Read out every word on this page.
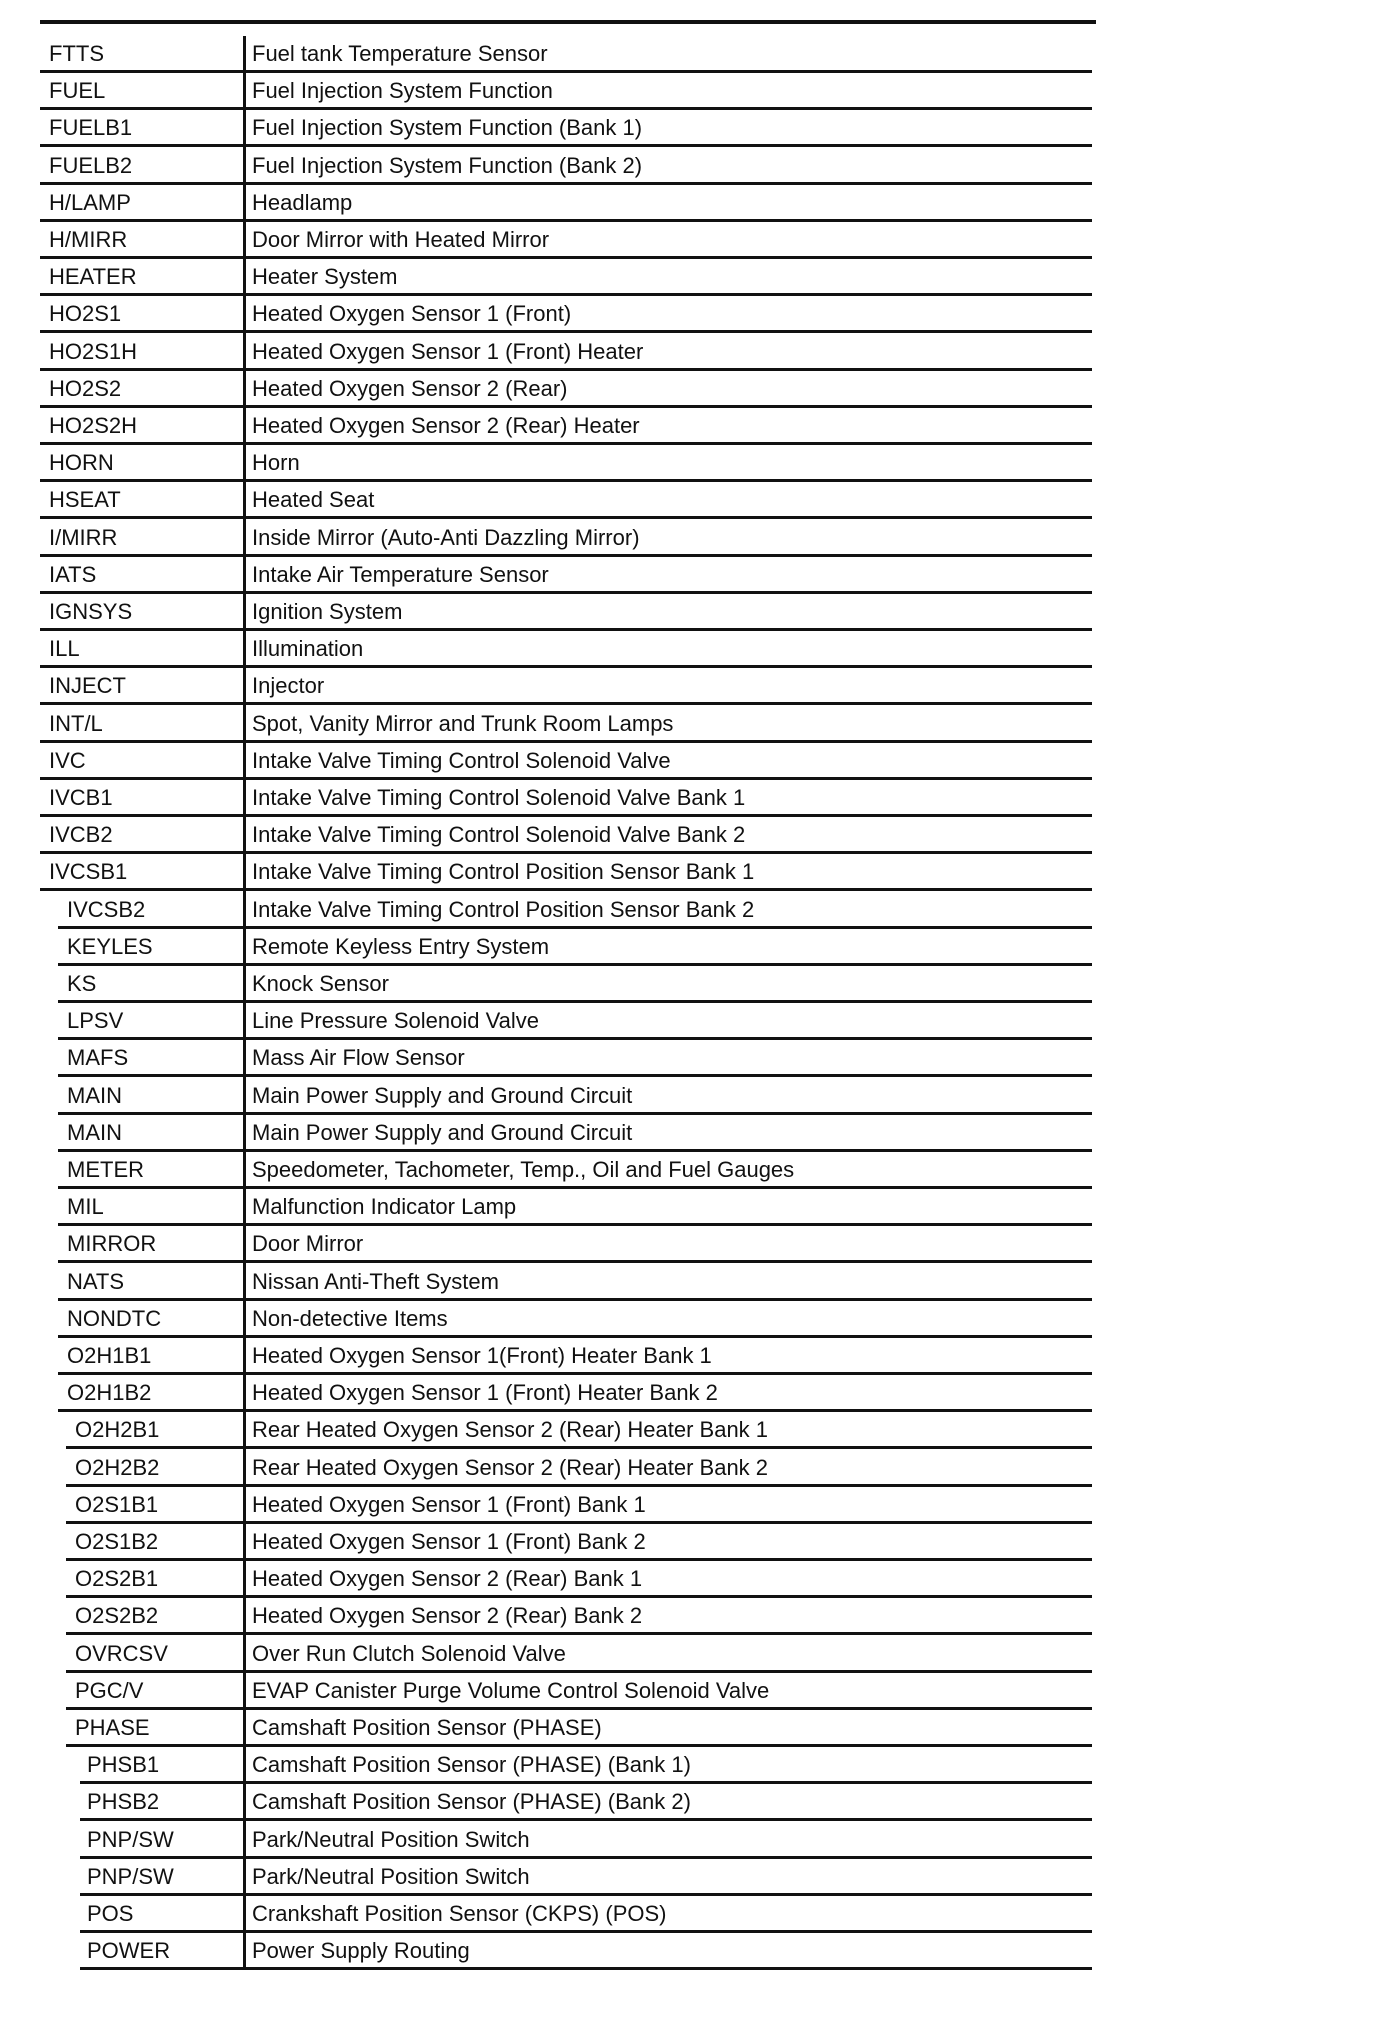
FTTS	Fuel tank Temperature Sensor
FUEL	Fuel Injection System Function
FUELB1	Fuel Injection System Function (Bank 1)
FUELB2	Fuel Injection System Function (Bank 2)
H/LAMP	Headlamp
H/MIRR	Door Mirror with Heated Mirror
HEATER	Heater System
HO2S1	Heated Oxygen Sensor 1 (Front)
HO2S1H	Heated Oxygen Sensor 1 (Front) Heater
HO2S2	Heated Oxygen Sensor 2 (Rear)
HO2S2H	Heated Oxygen Sensor 2 (Rear) Heater
HORN	Horn
HSEAT	Heated Seat
I/MIRR	Inside Mirror (Auto-Anti Dazzling Mirror)
IATS	Intake Air Temperature Sensor
IGNSYS	Ignition System
ILL	Illumination
INJECT	Injector
INT/L	Spot, Vanity Mirror and Trunk Room Lamps
IVC	Intake Valve Timing Control Solenoid Valve
IVCB1	Intake Valve Timing Control Solenoid Valve Bank 1
IVCB2	Intake Valve Timing Control Solenoid Valve Bank 2
IVCSB1	Intake Valve Timing Control Position Sensor Bank 1
IVCSB2	Intake Valve Timing Control Position Sensor Bank 2
KEYLES	Remote Keyless Entry System
KS	Knock Sensor
LPSV	Line Pressure Solenoid Valve
MAFS	Mass Air Flow Sensor
MAIN	Main Power Supply and Ground Circuit
MAIN	Main Power Supply and Ground Circuit
METER	Speedometer, Tachometer, Temp., Oil and Fuel Gauges
MIL	Malfunction Indicator Lamp
MIRROR	Door Mirror
NATS	Nissan Anti-Theft System
NONDTC	Non-detective Items
O2H1B1	Heated Oxygen Sensor 1(Front) Heater Bank 1
O2H1B2	Heated Oxygen Sensor 1 (Front) Heater Bank 2
O2H2B1	Rear Heated Oxygen Sensor 2 (Rear) Heater Bank 1
O2H2B2	Rear Heated Oxygen Sensor 2 (Rear) Heater Bank 2
O2S1B1	Heated Oxygen Sensor 1 (Front) Bank 1
O2S1B2	Heated Oxygen Sensor 1 (Front) Bank 2
O2S2B1	Heated Oxygen Sensor 2 (Rear) Bank 1
O2S2B2	Heated Oxygen Sensor 2 (Rear) Bank 2
OVRCSV	Over Run Clutch Solenoid Valve
PGC/V	EVAP Canister Purge Volume Control Solenoid Valve
PHASE	Camshaft Position Sensor (PHASE)
PHSB1	Camshaft Position Sensor (PHASE) (Bank 1)
PHSB2	Camshaft Position Sensor (PHASE) (Bank 2)
PNP/SW	Park/Neutral Position Switch
PNP/SW	Park/Neutral Position Switch
POS	Crankshaft Position Sensor (CKPS) (POS)
POWER	Power Supply Routing
